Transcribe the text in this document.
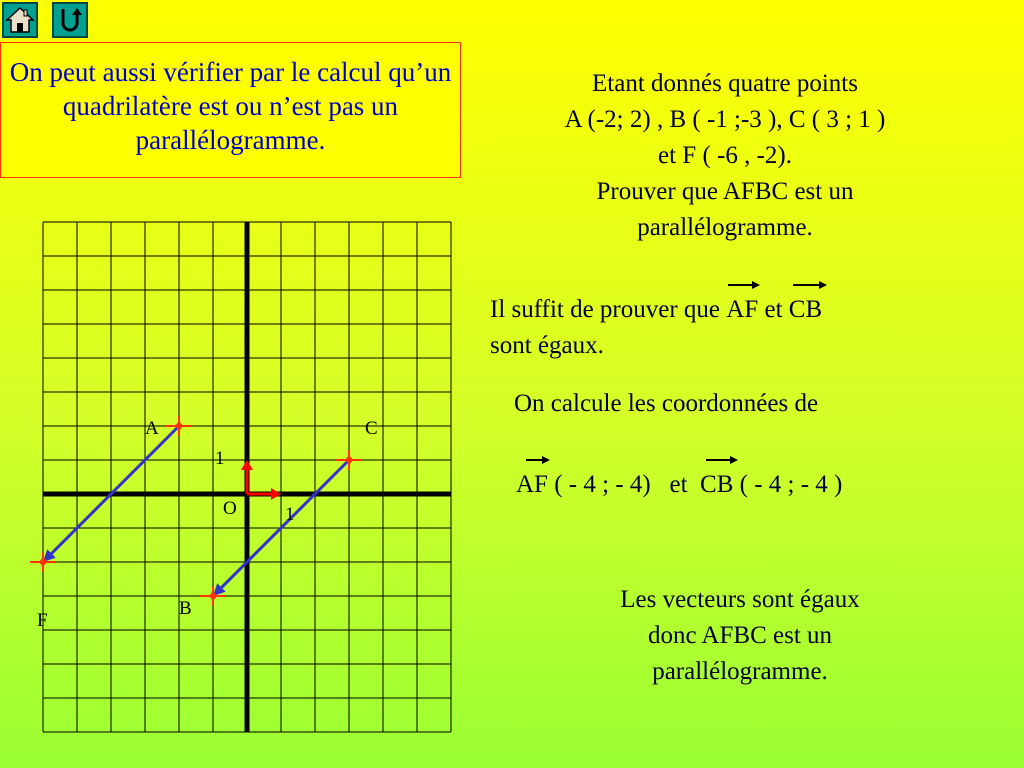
On peut aussi vérifier par le calcul qu’un quadrilatère est ou n’est pas un parallélogramme.
Etant donnés quatre points
A (-2; 2) , B ( -1 ;-3 ), C ( 3 ; 1 )
et F ( -6 , -2).
Prouver que AFBC est un
parallélogramme.
Il suffit de prouver que
AF et
CB
sont égaux.
On calcule les coordonnées de
AF ( - 4 ; - 4) et CB ( - 4 ; - 4 )
Les vecteurs sont égaux
donc AFBC est un
parallélogramme.
O	1
1
A	C
B
F
